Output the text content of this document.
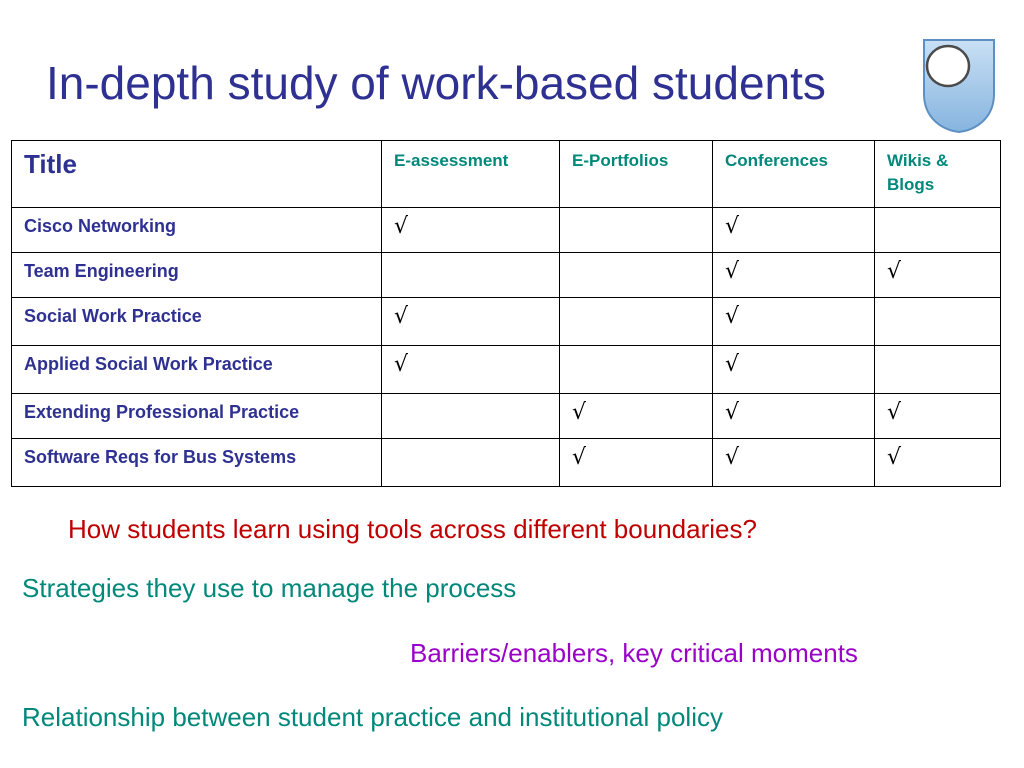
In-depth study of work-based students
Title	E-assessment	E-Portfolios	Conferences	Wikis & Blogs
Cisco Networking	√		√	
Team Engineering			√	√
Social Work Practice	√		√	
Applied Social Work Practice	√		√	
Extending Professional Practice		√	√	√
Software Reqs for Bus Systems		√	√	√

How students learn using tools across different boundaries?

Strategies they use to manage the process

Barriers/enablers, key critical moments

Relationship between student practice and institutional policy
